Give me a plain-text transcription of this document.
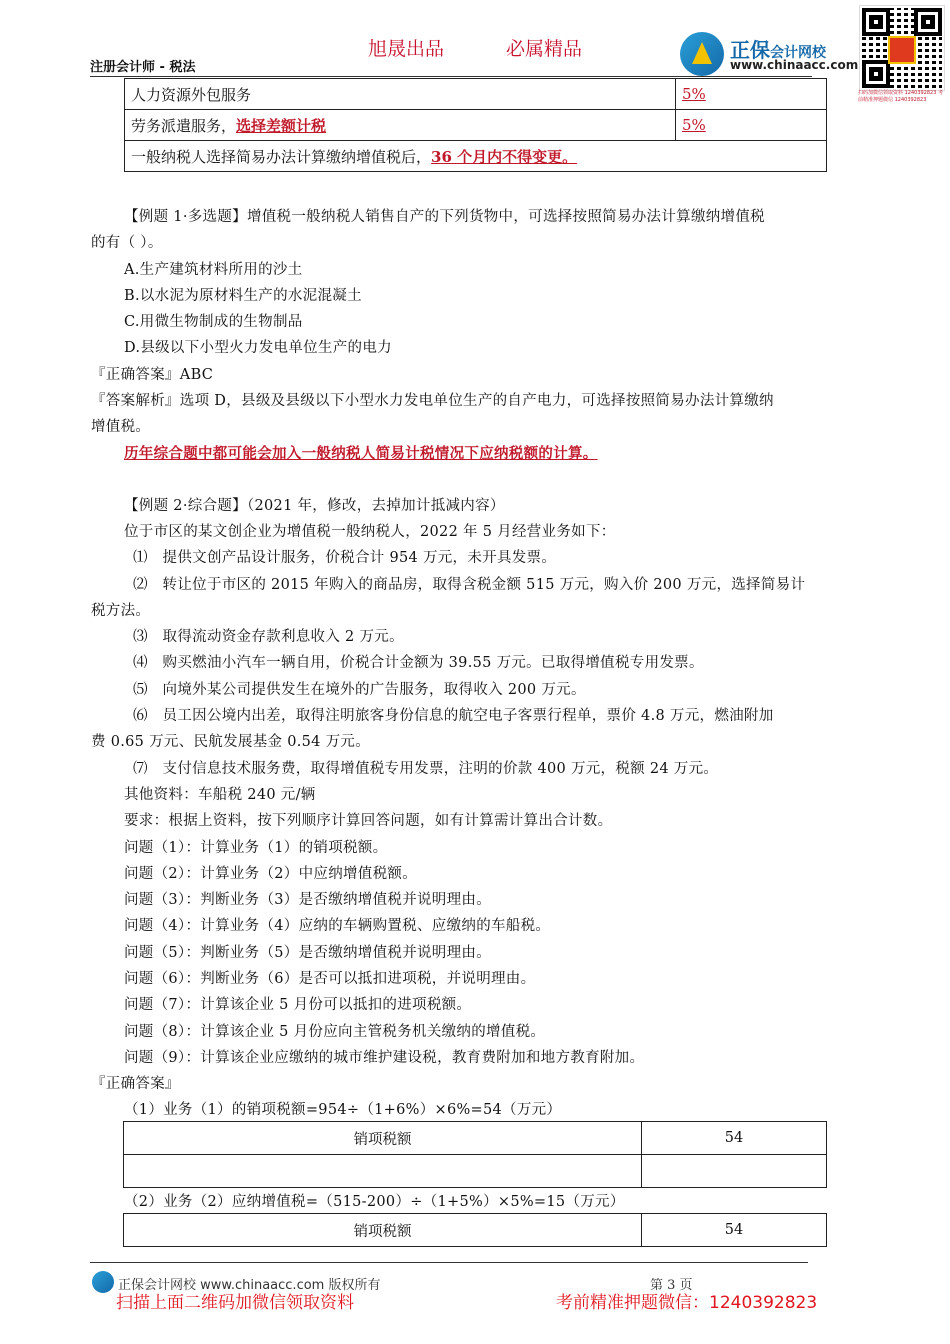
旭晟出品	必属精品
注册会计师 - 税法
正保会计网校
www.chinaacc.com
扫码加微信领取资料 1240392823 考前精准押题微信 1240392823
人力资源外包服务	5%
劳务派遣服务，选择差额计税	5%
一般纳税人选择简易办法计算缴纳增值税后，36 个月内不得变更。	
【例题 1·多选题】增值税一般纳税人销售自产的下列货物中，可选择按照简易办法计算缴纳增值税
的有（ ）。
A.生产建筑材料所用的沙土
B.以水泥为原材料生产的水泥混凝土
C.用微生物制成的生物制品
D.县级以下小型火力发电单位生产的电力
『正确答案』ABC
『答案解析』选项 D，县级及县级以下小型水力发电单位生产的自产电力，可选择按照简易办法计算缴纳
增值税。
历年综合题中都可能会加入一般纳税人简易计税情况下应纳税额的计算。
【例题 2·综合题】（2021 年，修改，去掉加计抵减内容）
位于市区的某文创企业为增值税一般纳税人，2022 年 5 月经营业务如下：
⑴ 提供文创产品设计服务，价税合计 954 万元，未开具发票。
⑵ 转让位于市区的 2015 年购入的商品房，取得含税金额 515 万元，购入价 200 万元，选择简易计
税方法。
⑶ 取得流动资金存款利息收入 2 万元。
⑷ 购买燃油小汽车一辆自用，价税合计金额为 39.55 万元。已取得增值税专用发票。
⑸ 向境外某公司提供发生在境外的广告服务，取得收入 200 万元。
⑹ 员工因公境内出差，取得注明旅客身份信息的航空电子客票行程单，票价 4.8 万元，燃油附加
费 0.65 万元、民航发展基金 0.54 万元。
⑺ 支付信息技术服务费，取得增值税专用发票，注明的价款 400 万元，税额 24 万元。
其他资料：车船税 240 元/辆
要求：根据上资料，按下列顺序计算回答问题，如有计算需计算出合计数。
问题（1）：计算业务（1）的销项税额。
问题（2）：计算业务（2）中应纳增值税额。
问题（3）：判断业务（3）是否缴纳增值税并说明理由。
问题（4）：计算业务（4）应纳的车辆购置税、应缴纳的车船税。
问题（5）：判断业务（5）是否缴纳增值税并说明理由。
问题（6）：判断业务（6）是否可以抵扣进项税，并说明理由。
问题（7）：计算该企业 5 月份可以抵扣的进项税额。
问题（8）：计算该企业 5 月份应向主管税务机关缴纳的增值税。
问题（9）：计算该企业应缴纳的城市维护建设税，教育费附加和地方教育附加。
『正确答案』
（1）业务（1）的销项税额=954÷（1+6%）×6%=54（万元）
销项税额	54

（2）业务（2）应纳增值税=（515-200）÷（1+5%）×5%=15（万元）
销项税额	54
正保会计网校 www.chinaacc.com 版权所有	第 3 页
扫描上面二维码加微信领取资料	考前精准押题微信：1240392823
